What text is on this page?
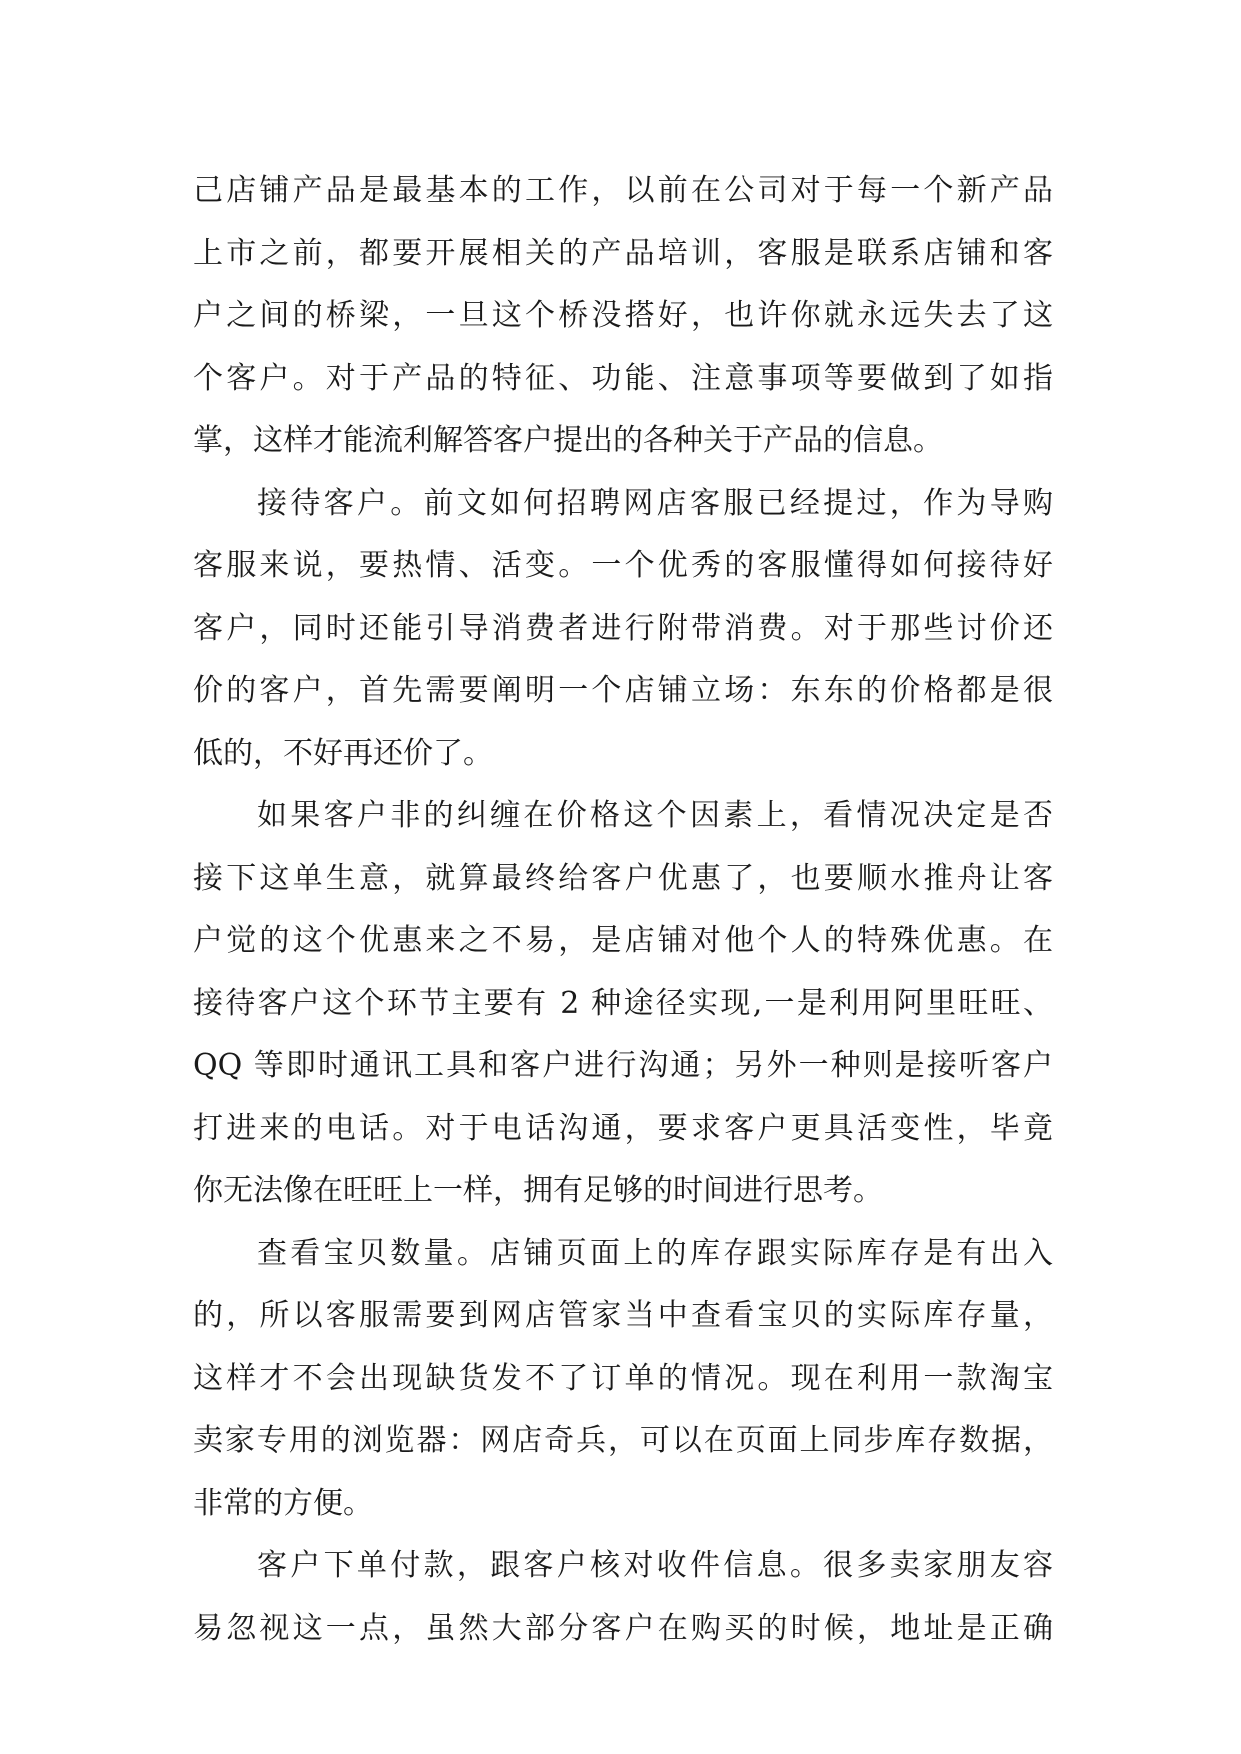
己店铺产品是最基本的工作，以前在公司对于每一个新产品
上市之前，都要开展相关的产品培训，客服是联系店铺和客
户之间的桥梁，一旦这个桥没搭好，也许你就永远失去了这
个客户。对于产品的特征、功能、注意事项等要做到了如指
掌，这样才能流利解答客户提出的各种关于产品的信息。
接待客户。前文如何招聘网店客服已经提过，作为导购
客服来说，要热情、活变。一个优秀的客服懂得如何接待好
客户，同时还能引导消费者进行附带消费。对于那些讨价还
价的客户，首先需要阐明一个店铺立场：东东的价格都是很
低的，不好再还价了。
如果客户非的纠缠在价格这个因素上，看情况决定是否
接下这单生意，就算最终给客户优惠了，也要顺水推舟让客
户觉的这个优惠来之不易，是店铺对他个人的特殊优惠。在
接待客户这个环节主要有 2 种途径实现,一是利用阿里旺旺、
QQ 等即时通讯工具和客户进行沟通；另外一种则是接听客户
打进来的电话。对于电话沟通，要求客户更具活变性，毕竟
你无法像在旺旺上一样，拥有足够的时间进行思考。
查看宝贝数量。店铺页面上的库存跟实际库存是有出入
的，所以客服需要到网店管家当中查看宝贝的实际库存量，
这样才不会出现缺货发不了订单的情况。现在利用一款淘宝
卖家专用的浏览器：网店奇兵，可以在页面上同步库存数据，
非常的方便。
客户下单付款，跟客户核对收件信息。很多卖家朋友容
易忽视这一点，虽然大部分客户在购买的时候，地址是正确
